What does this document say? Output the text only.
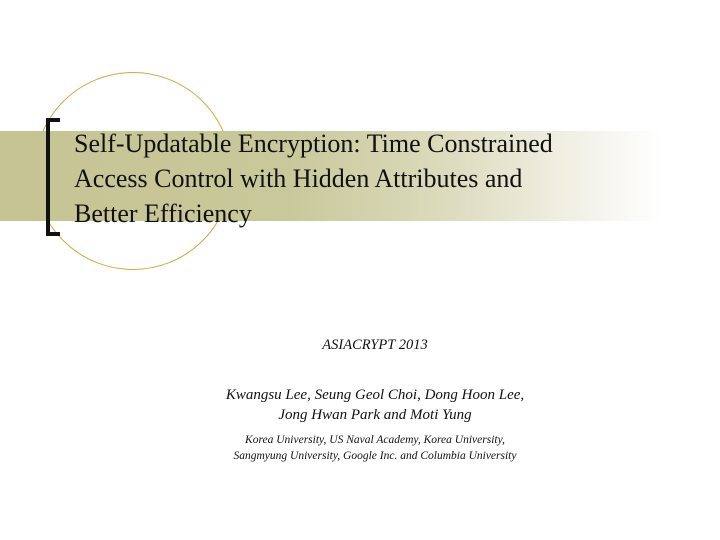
Self-Updatable Encryption: Time Constrained
Access Control with Hidden Attributes and
Better Efficiency
ASIACRYPT 2013
Kwangsu Lee, Seung Geol Choi, Dong Hoon Lee,
Jong Hwan Park and Moti Yung
Korea University, US Naval Academy, Korea University,
Sangmyung University, Google Inc. and Columbia University
